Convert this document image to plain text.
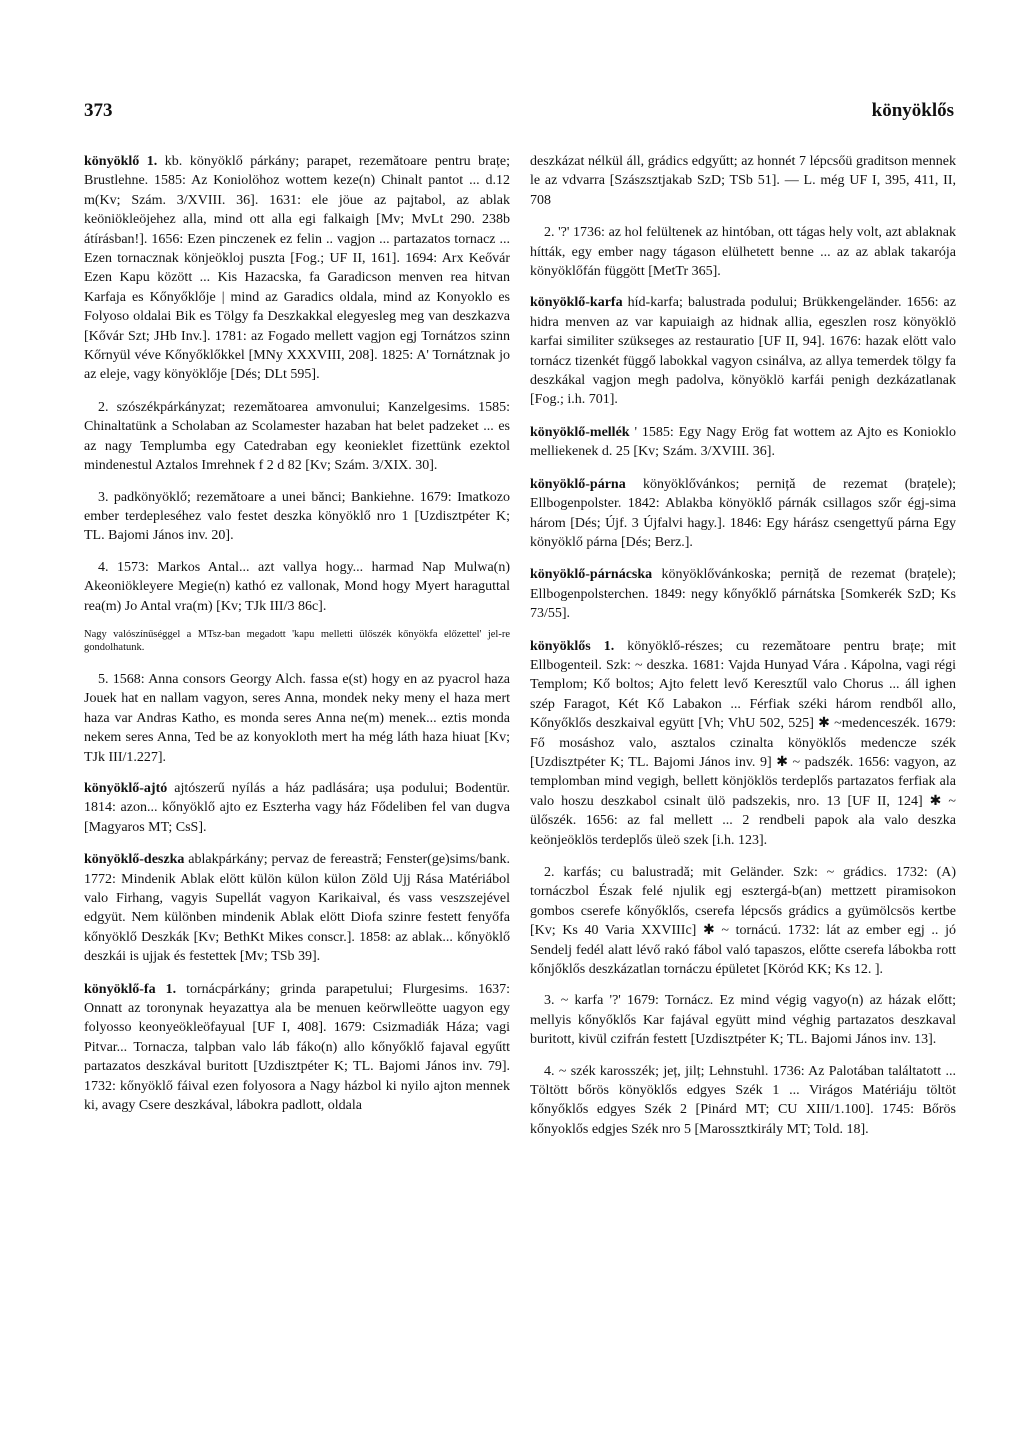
373	könyöklős

könyöklő 1. kb. könyöklő párkány; parapet, rezemătoare pentru brațe; Brustlehne. 1585: Az Koniolöhoz wottem keze(n) Chinalt pantot ... d.12 m(Kv; Szám. 3/XVIII. 36]. 1631: ele jöue az pajtabol, az ablak keöniökleöjehez alla, mind ott alla egi falkaigh [Mv; MvLt 290. 238b átírásban!]. 1656: Ezen pinczenek ez felin .. vagjon ... partazatos tornacz ... Ezen tornacznak könjeökloj puszta [Fog.; UF II, 161]. 1694: Arx Keővár Ezen Kapu között ... Kis Hazacska, fa Garadicson menven rea hitvan Karfaja es Kőnyőklője | mind az Garadics oldala, mind az Konyoklo es Folyoso oldalai Bik es Tölgy fa Deszkakkal elegyesleg meg van deszkazva [Kővár Szt; JHb Inv.]. 1781: az Fogado mellett vagjon egj Tornátzos szinn Kőrnyül véve Kőnyőklőkkel [MNy XXXVIII, 208]. 1825: A' Tornátznak jo az eleje, vagy könyöklője [Dés; DLt 595].

2. szószékpárkányzat; rezemătoarea amvonului; Kanzelgesims. 1585: Chinaltatünk a Scholaban az Scolamester hazaban hat belet padzeket ... es az nagy Templumba egy Catedraban egy keonieklet fizettünk ezektol mindenestul Aztalos Imrehnek f 2 d 82 [Kv; Szám. 3/XIX. 30].

3. padkönyöklő; rezemătoare a unei bănci; Bankiehne. 1679: Imatkozo ember terdepleséhez valo festet deszka könyöklő nro 1 [Uzdisztpéter K; TL. Bajomi János inv. 20].

4. 1573: Markos Antal... azt vallya hogy... harmad Nap Mulwa(n) Akeoniökleyere Megie(n) kathó ez vallonak, Mond hogy Myert haraguttal rea(m) Jo Antal vra(m) [Kv; TJk III/3 86c].

Nagy valószínűséggel a MTsz-ban megadott 'kapu melletti ülőszék kőnyökfa előzettel' jel-re gondolhatunk.

5. 1568: Anna consors Georgy Alch. fassa e(st) hogy en az pyacrol haza Jouek hat en nallam vagyon, seres Anna, mondek neky meny el haza mert haza var Andras Katho, es monda seres Anna ne(m) menek... eztis monda nekem seres Anna, Ted be az konyokloth mert ha még láth haza hiuat [Kv; TJk III/1.227].

könyöklő-ajtó ajtószerű nyílás a ház padlására; ușa podului; Bodentür. 1814: azon... kőnyöklő ajto ez Eszterha vagy ház Fődeliben fel van dugva [Magyaros MT; CsS].

könyöklő-deszka ablakpárkány; pervaz de fereastră; Fenster(ge)sims/bank. 1772: Mindenik Ablak elött külön külon külon Zöld Ujj Rása Matériábol valo Firhang, vagyis Supellát vagyon Karikaival, és vass veszszejével edgyüt. Nem különben mindenik Ablak elött Diofa szinre festett fenyőfa kőnyöklő Deszkák [Kv; BethKt Mikes conscr.]. 1858: az ablak... kőnyöklő deszkái is ujjak és festettek [Mv; TSb 39].

könyöklő-fa 1. tornácpárkány; grinda parapetului; Flurgesims. 1637: Onnatt az toronynak heyazattya ala be menuen keörwlleötte uagyon egy folyosso keonyeökleöfayual [UF I, 408]. 1679: Csizmadiák Háza; vagi Pitvar... Tornacza, talpban valo láb fáko(n) allo kőnyőklő fajaval egyűtt partazatos deszkával buritott [Uzdisztpéter K; TL. Bajomi János inv. 79]. 1732: kőnyöklő fáival ezen folyosora a Nagy házbol ki nyilo ajton mennek ki, avagy Csere deszkával, lábokra padlott, oldala

deszkázat nélkül áll, grádics edgyűtt; az honnét 7 lépcsőü graditson mennek le az vdvarra [Szászsztjakab SzD; TSb 51]. — L. még UF I, 395, 411, II, 708

2. '?' 1736: az hol felültenek az hintóban, ott tágas hely volt, azt ablaknak hítták, egy ember nagy tágason elülhetett benne ... az az ablak takarója könyöklőfán függött [MetTr 365].

könyöklő-karfa híd-karfa; balustrada podului; Brükkengeländer. 1656: az hidra menven az var kapuiaigh az hidnak allia, egeszlen rosz könyöklö karfai similiter szükseges az restauratio [UF II, 94]. 1676: hazak elött valo tornácz tizenkét függő labokkal vagyon csinálva, az allya temerdek tölgy fa deszkákal vagjon megh padolva, könyöklö karfái penigh dezkázatlanak [Fog.; i.h. 701].

könyöklő-mellék ' 1585: Egy Nagy Erög fat wottem az Ajto es Konioklo melliekenek d. 25 [Kv; Szám. 3/XVIII. 36].

könyöklő-párna könyöklővánkos; pernițǎ de rezemat (brațele); Ellbogenpolster. 1842: Ablakba könyöklő párnák csillagos szőr égj-sima három [Dés; Újf. 3 Újfalvi hagy.]. 1846: Egy hárász csengettyű párna Egy könyöklő párna [Dés; Berz.].

könyöklő-párnácska könyöklővánkoska; pernițǎ de rezemat (brațele); Ellbogenpolsterchen. 1849: negy kőnyőklő párnátska [Somkerék SzD; Ks 73/55].

könyöklős 1. könyöklő-részes; cu rezemătoare pentru brațe; mit Ellbogenteil. Szk: ~ deszka. 1681: Vajda Hunyad Vára . Kápolna, vagi régi Templom; Kő boltos; Ajto felett levő Keresztűl valo Chorus ... áll ighen szép Faragot, Két Kő Labakon ... Férfiak széki három rendből allo, Kőnyőklős deszkaival együtt [Vh; VhU 502, 525] ✱ ~medenceszék. 1679: Fő mosáshoz valo, asztalos czinalta könyöklős medencze szék [Uzdisztpéter K; TL. Bajomi János inv. 9] ✱ ~ padszék. 1656: vagyon, az templomban mind vegigh, bellett könjöklös terdeplős partazatos ferfiak ala valo hoszu deszkabol csinalt ülö padszekis, nro. 13 [UF II, 124] ✱ ~ ülőszék. 1656: az fal mellett ... 2 rendbeli papok ala valo deszka keönjeöklös terdeplős üleö szek [i.h. 123].

2. karfás; cu balustradă; mit Geländer. Szk: ~ grádics. 1732: (A) tornáczbol Észak felé njulik egj esztergá-b(an) mettzett piramisokon gombos cserefe kőnyőklős, cserefa lépcsős grádics a gyümölcsös kertbe [Kv; Ks 40 Varia XXVIIIc] ✱ ~ tornácú. 1732: lát az ember egj .. jó Sendelj fedél alatt lévő rakó fábol való tapaszos, előtte cserefa lábokba rott kőnjőklős deszkázatlan tornáczu épületet [Köród KK; Ks 12. ].

3. ~ karfa '?' 1679: Tornácz. Ez mind végig vagyo(n) az házak előtt; mellyis kőnyőklős Kar fajával együtt mind véghig partazatos deszkaval buritott, kivül czifrán festett [Uzdisztpéter K; TL. Bajomi János inv. 13].

4. ~ szék karosszék; jeț, jilț; Lehnstuhl. 1736: Az Palotában találtatott ... Töltött bőrös könyöklős edgyes Szék 1 ... Virágos Matériáju töltöt kőnyőklős edgyes Szék 2 [Pinárd MT; CU XIII/1.100]. 1745: Bőrös kőnyoklős edgjes Szék nro 5 [Marossztkirály MT; Told. 18].
